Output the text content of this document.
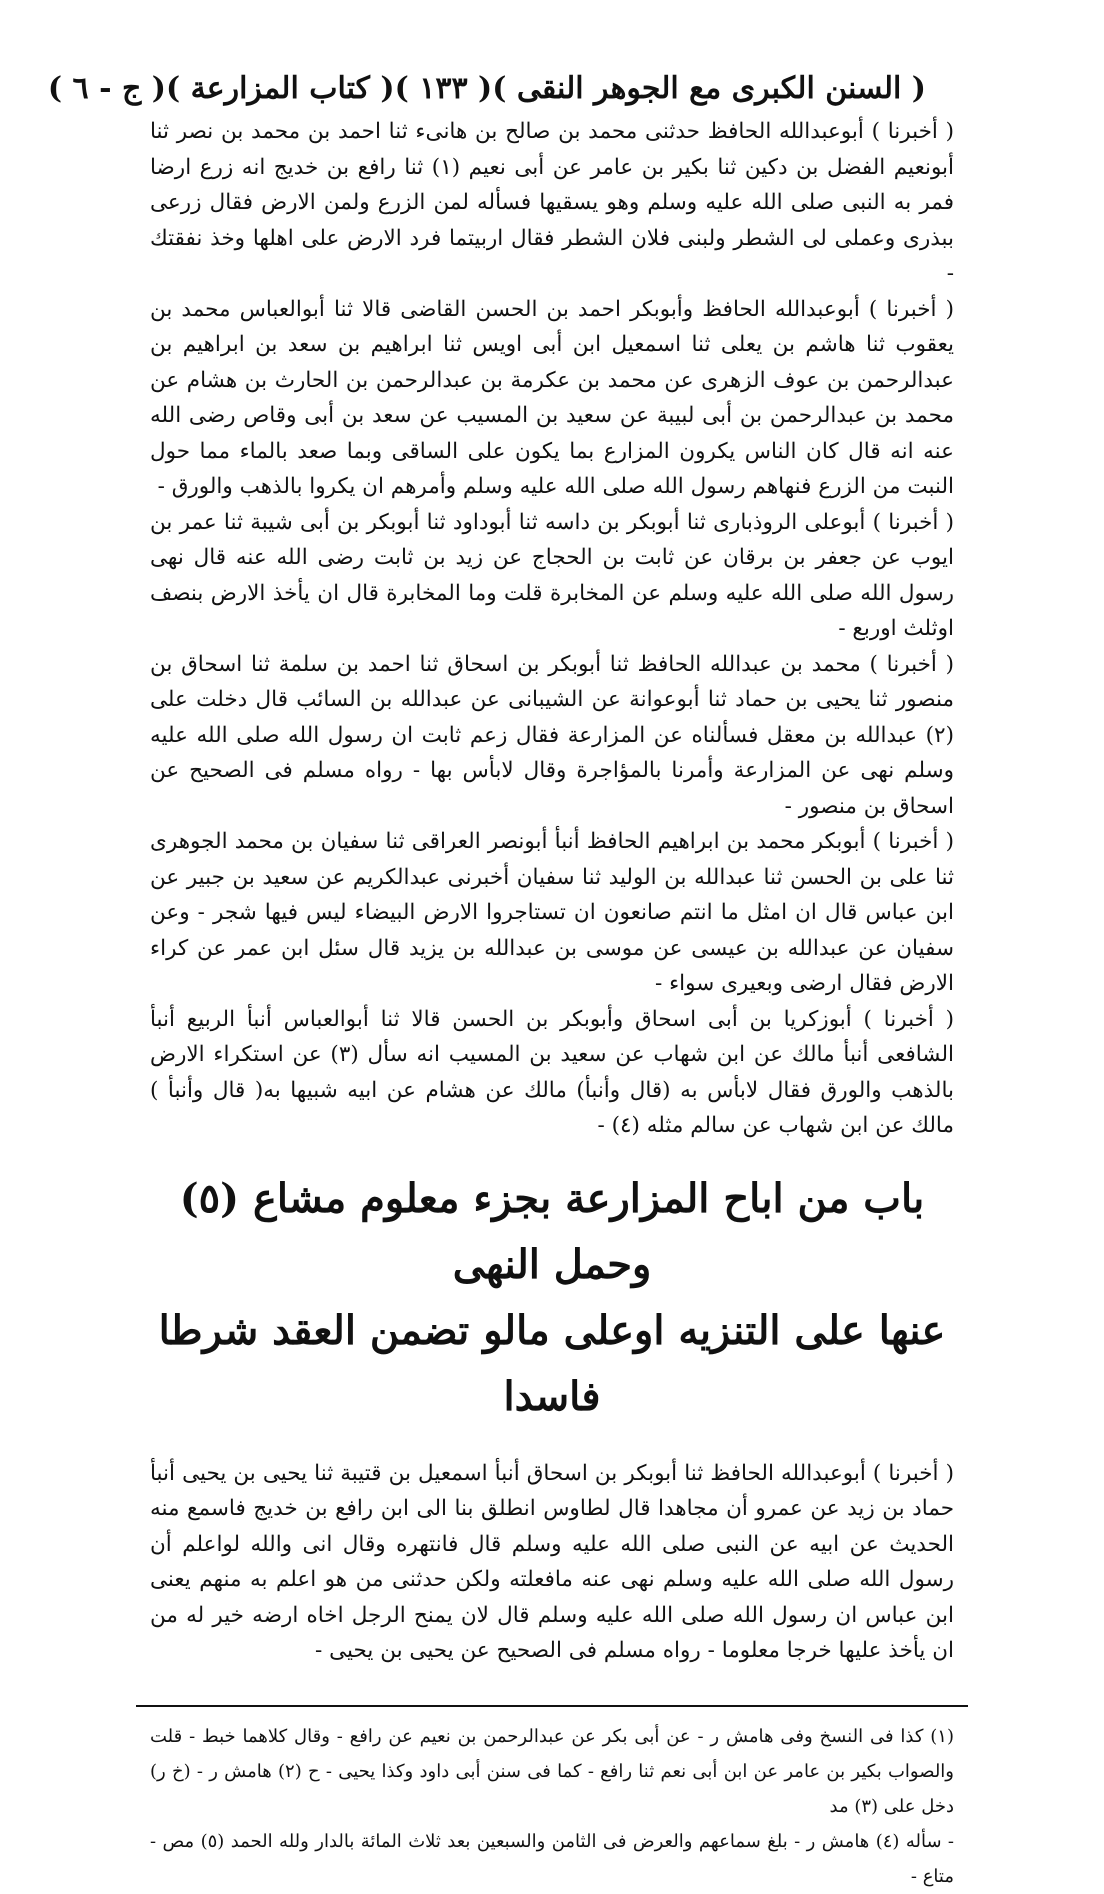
( السنن الكبرى مع الجوهر النقى )
( ١٣٣ )
( كتاب المزارعة )
( ج - ٦ )

( أخبرنا ) أبوعبدالله الحافظ حدثنى محمد بن صالح بن هانىء ثنا احمد بن محمد بن نصر ثنا أبونعيم الفضل بن دكين ثنا بكير بن عامر عن أبى نعيم (١) ثنا رافع بن خديج انه زرع ارضا فمر به النبى صلى الله عليه وسلم وهو يسقيها فسأله لمن الزرع ولمن الارض فقال زرعى ببذرى وعملى لى الشطر ولبنى فلان الشطر فقال اربيتما فرد الارض على اهلها وخذ نفقتك -

( أخبرنا ) أبوعبدالله الحافظ وأبوبكر احمد بن الحسن القاضى قالا ثنا أبوالعباس محمد بن يعقوب ثنا هاشم بن يعلى ثنا اسمعيل ابن أبى اويس ثنا ابراهيم بن سعد بن ابراهيم بن عبدالرحمن بن عوف الزهرى عن محمد بن عكرمة بن عبدالرحمن بن الحارث بن هشام عن محمد بن عبدالرحمن بن أبى لبيبة عن سعيد بن المسيب عن سعد بن أبى وقاص رضى الله عنه انه قال كان الناس يكرون المزارع بما يكون على الساقى وبما صعد بالماء مما حول النبت من الزرع فنهاهم رسول الله صلى الله عليه وسلم وأمرهم ان يكروا بالذهب والورق -

( أخبرنا ) أبوعلى الروذبارى ثنا أبوبكر بن داسه ثنا أبوداود ثنا أبوبكر بن أبى شيبة ثنا عمر بن ايوب عن جعفر بن برقان عن ثابت بن الحجاج عن زيد بن ثابت رضى الله عنه قال نهى رسول الله صلى الله عليه وسلم عن المخابرة قلت وما المخابرة قال ان يأخذ الارض بنصف اوثلث اوربع -

( أخبرنا ) محمد بن عبدالله الحافظ ثنا أبوبكر بن اسحاق ثنا احمد بن سلمة ثنا اسحاق بن منصور ثنا يحيى بن حماد ثنا أبوعوانة عن الشيبانى عن عبدالله بن السائب قال دخلت على (٢) عبدالله بن معقل فسألناه عن المزارعة فقال زعم ثابت ان رسول الله صلى الله عليه وسلم نهى عن المزارعة وأمرنا بالمؤاجرة وقال لابأس بها - رواه مسلم فى الصحيح عن اسحاق بن منصور -

( أخبرنا ) أبوبكر محمد بن ابراهيم الحافظ أنبأ أبونصر العراقى ثنا سفيان بن محمد الجوهرى ثنا على بن الحسن ثنا عبدالله بن الوليد ثنا سفيان أخبرنى عبدالكريم عن سعيد بن جبير عن ابن عباس قال ان امثل ما انتم صانعون ان تستاجروا الارض البيضاء ليس فيها شجر - وعن سفيان عن عبدالله بن عيسى عن موسى بن عبدالله بن يزيد قال سئل ابن عمر عن كراء الارض فقال ارضى وبعيرى سواء -

( أخبرنا ) أبوزكريا بن أبى اسحاق وأبوبكر بن الحسن قالا ثنا أبوالعباس أنبأ الربيع أنبأ الشافعى أنبأ مالك عن ابن شهاب عن سعيد بن المسيب انه سأل (٣) عن استكراء الارض بالذهب والورق فقال لابأس به (قال وأنبأ) مالك عن هشام عن ابيه شبيها به( قال وأنبأ ) مالك عن ابن شهاب عن سالم مثله (٤) -

باب من اباح المزارعة بجزء معلوم مشاع (٥) وحمل النهى
عنها على التنزيه اوعلى مالو تضمن العقد شرطا فاسدا

( أخبرنا ) أبوعبدالله الحافظ ثنا أبوبكر بن اسحاق أنبأ اسمعيل بن قتيبة ثنا يحيى بن يحيى أنبأ حماد بن زيد عن عمرو أن مجاهدا قال لطاوس انطلق بنا الى ابن رافع بن خديج فاسمع منه الحديث عن ابيه عن النبى صلى الله عليه وسلم قال فانتهره وقال انى والله لواعلم أن رسول الله صلى الله عليه وسلم نهى عنه مافعلته ولكن حدثنى من هو اعلم به منهم يعنى ابن عباس ان رسول الله صلى الله عليه وسلم قال لان يمنح الرجل اخاه ارضه خير له من ان يأخذ عليها خرجا معلوما - رواه مسلم فى الصحيح عن يحيى بن يحيى -

(١) كذا فى النسخ وفى هامش ر - عن أبى بكر عن عبدالرحمن بن نعيم عن رافع - وقال كلاهما خبط - قلت والصواب بكير بن عامر عن ابن أبى نعم ثنا رافع - كما فى سنن أبى داود وكذا يحيى - ح (٢) هامش ر - (خ ر) دخل على (٣) مد
- سأله (٤) هامش ر - بلغ سماعهم والعرض فى الثامن والسبعين بعد ثلاث المائة بالدار ولله الحمد (٥) مص - متاع -
